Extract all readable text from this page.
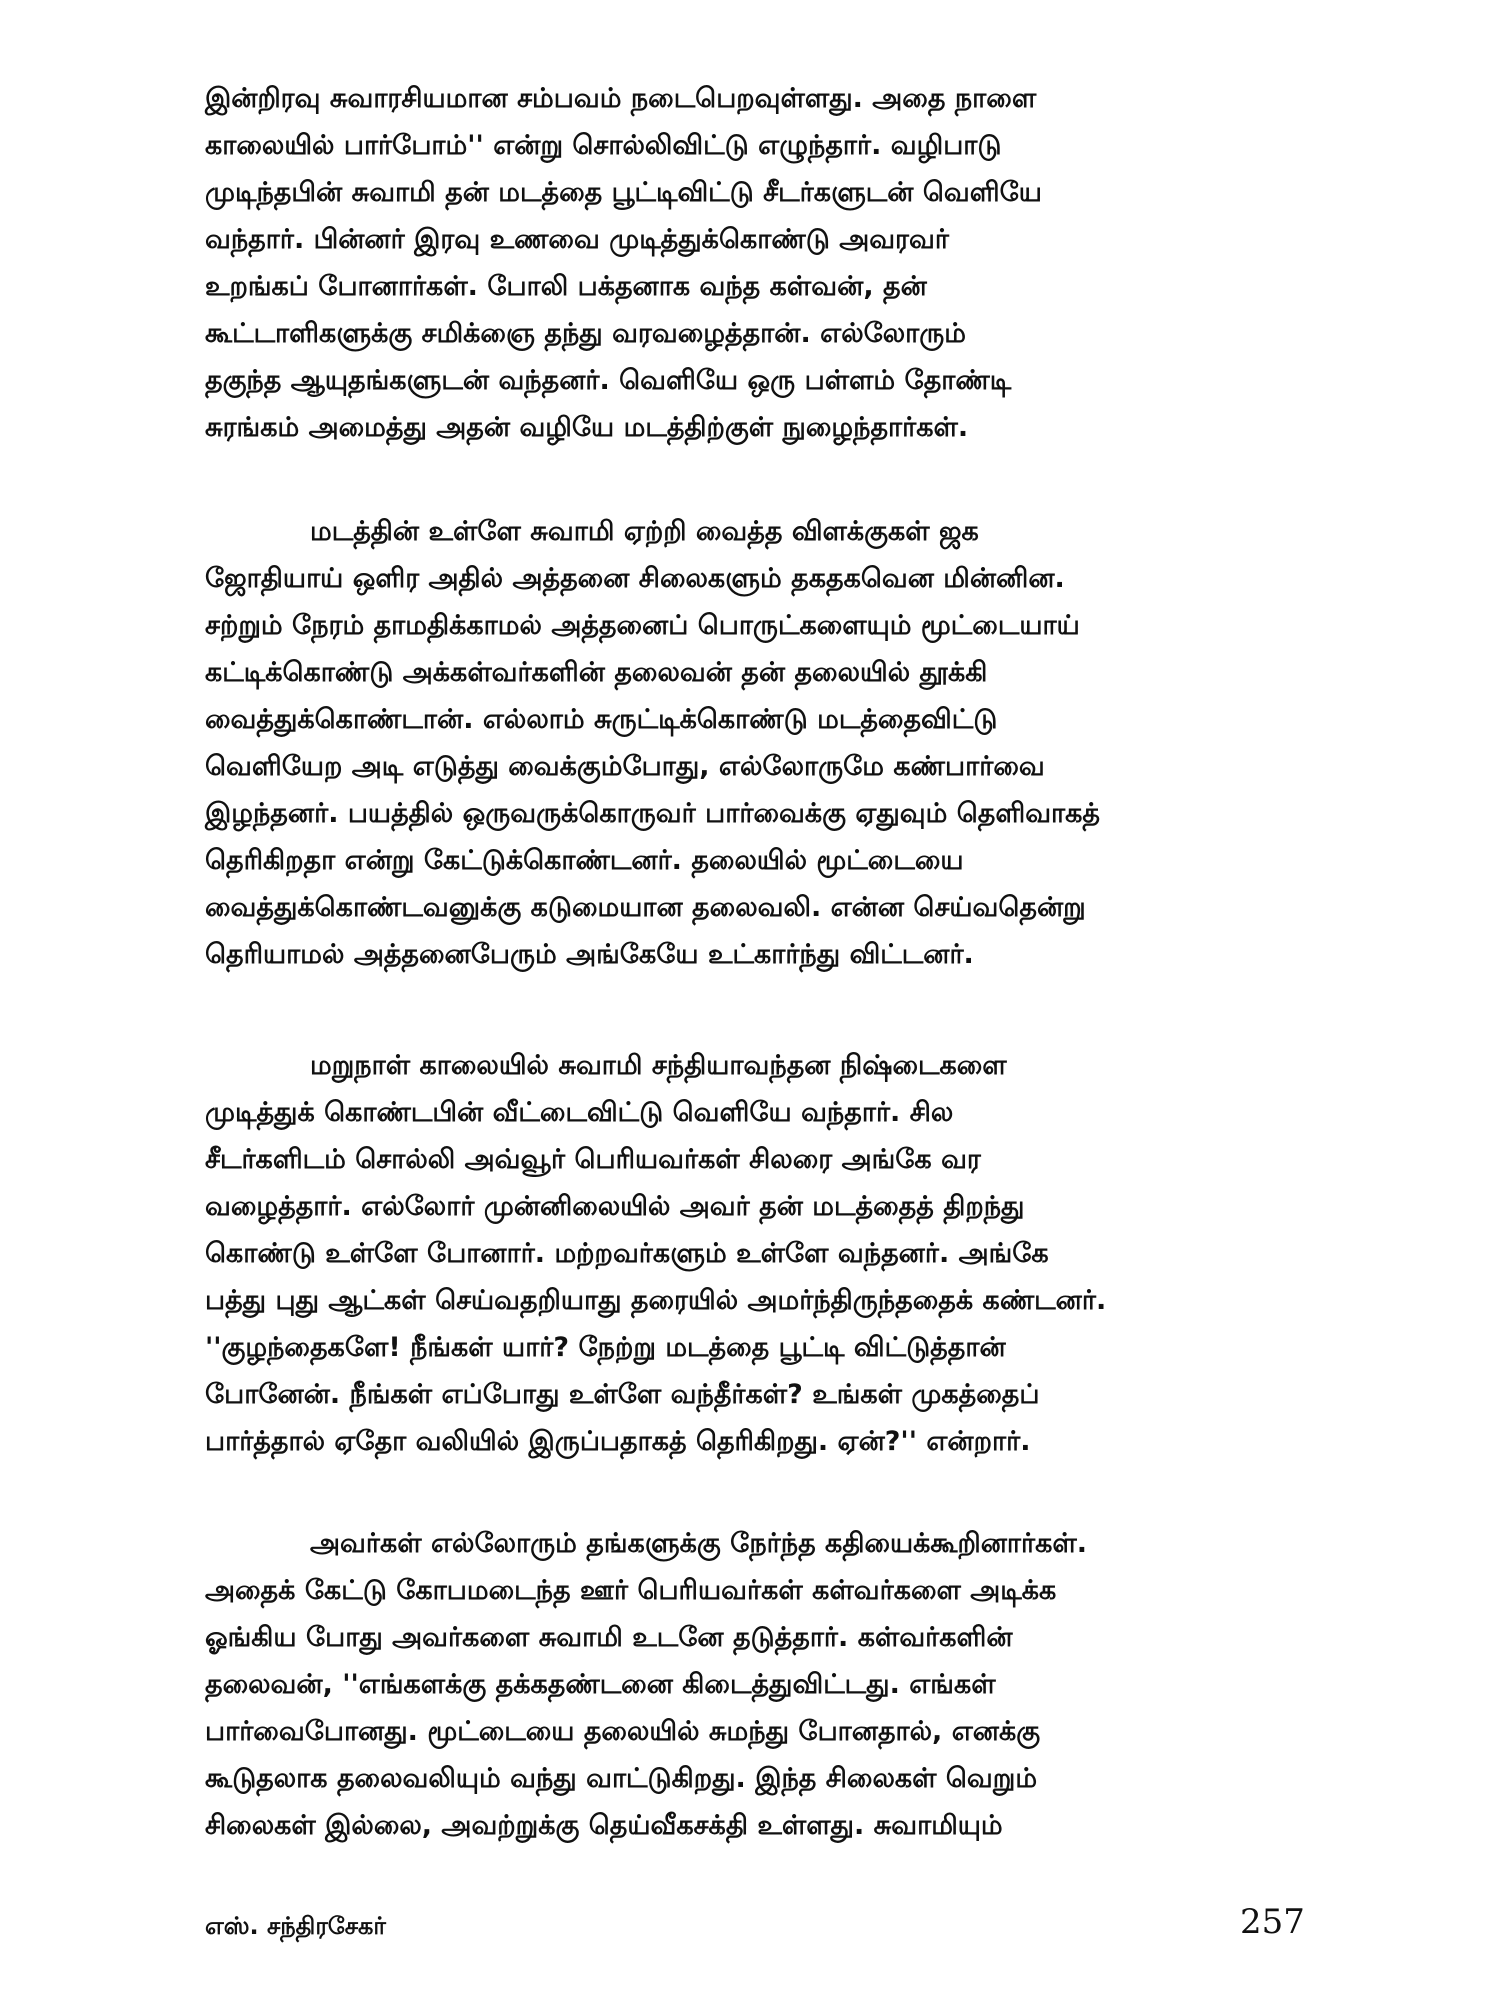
இன்றிரவு சுவாரசியமான சம்பவம் நடைபெறவுள்ளது. அதை நாளை
காலையில் பார்போம்'' என்று சொல்லிவிட்டு எழுந்தார். வழிபாடு
முடிந்தபின் சுவாமி தன் மடத்தை பூட்டிவிட்டு சீடர்களுடன் வெளியே
வந்தார். பின்னர் இரவு உணவை முடித்துக்கொண்டு அவரவர்
உறங்கப் போனார்கள். போலி பக்தனாக வந்த கள்வன், தன்
கூட்டாளிகளுக்கு சமிக்ஞை தந்து வரவழைத்தான். எல்லோரும்
தகுந்த ஆயுதங்களுடன் வந்தனர். வெளியே ஒரு பள்ளம் தோண்டி
சுரங்கம் அமைத்து அதன் வழியே மடத்திற்குள் நுழைந்தார்கள்.
மடத்தின் உள்ளே சுவாமி ஏற்றி வைத்த விளக்குகள் ஜக
ஜோதியாய் ஒளிர அதில் அத்தனை சிலைகளும் தகதகவென மின்னின.
சற்றும் நேரம் தாமதிக்காமல் அத்தனைப் பொருட்களையும் மூட்டையாய்
கட்டிக்கொண்டு அக்கள்வர்களின் தலைவன் தன் தலையில் தூக்கி
வைத்துக்கொண்டான். எல்லாம் சுருட்டிக்கொண்டு மடத்தைவிட்டு
வெளியேற அடி எடுத்து வைக்கும்போது, எல்லோருமே கண்பார்வை
இழந்தனர். பயத்தில் ஒருவருக்கொருவர் பார்வைக்கு ஏதுவும் தெளிவாகத்
தெரிகிறதா என்று கேட்டுக்கொண்டனர். தலையில் மூட்டையை
வைத்துக்கொண்டவனுக்கு கடுமையான தலைவலி. என்ன செய்வதென்று
தெரியாமல் அத்தனைபேரும் அங்கேயே உட்கார்ந்து விட்டனர்.
மறுநாள் காலையில் சுவாமி சந்தியாவந்தன நிஷ்டைகளை
முடித்துக் கொண்டபின் வீட்டைவிட்டு வெளியே வந்தார். சில
சீடர்களிடம் சொல்லி அவ்வூர் பெரியவர்கள் சிலரை அங்கே வர
வழைத்தார். எல்லோர் முன்னிலையில் அவர் தன் மடத்தைத் திறந்து
கொண்டு உள்ளே போனார். மற்றவர்களும் உள்ளே வந்தனர். அங்கே
பத்து புது ஆட்கள் செய்வதறியாது தரையில் அமர்ந்திருந்ததைக் கண்டனர்.
''குழந்தைகளே! நீங்கள் யார்? நேற்று மடத்தை பூட்டி விட்டுத்தான்
போனேன். நீங்கள் எப்போது உள்ளே வந்தீர்கள்? உங்கள் முகத்தைப்
பார்த்தால் ஏதோ வலியில் இருப்பதாகத் தெரிகிறது. ஏன்?'' என்றார்.
அவர்கள் எல்லோரும் தங்களுக்கு நேர்ந்த கதியைக்கூறினார்கள்.
அதைக் கேட்டு கோபமடைந்த ஊர் பெரியவர்கள் கள்வர்களை அடிக்க
ஓங்கிய போது அவர்களை சுவாமி உடனே தடுத்தார். கள்வர்களின்
தலைவன், ''எங்களக்கு தக்கதண்டனை கிடைத்துவிட்டது. எங்கள்
பார்வைபோனது. மூட்டையை தலையில் சுமந்து போனதால், எனக்கு
கூடுதலாக தலைவலியும் வந்து வாட்டுகிறது. இந்த சிலைகள் வெறும்
சிலைகள் இல்லை, அவற்றுக்கு தெய்வீகசக்தி உள்ளது. சுவாமியும்
எஸ். சந்திரசேகர்	257
